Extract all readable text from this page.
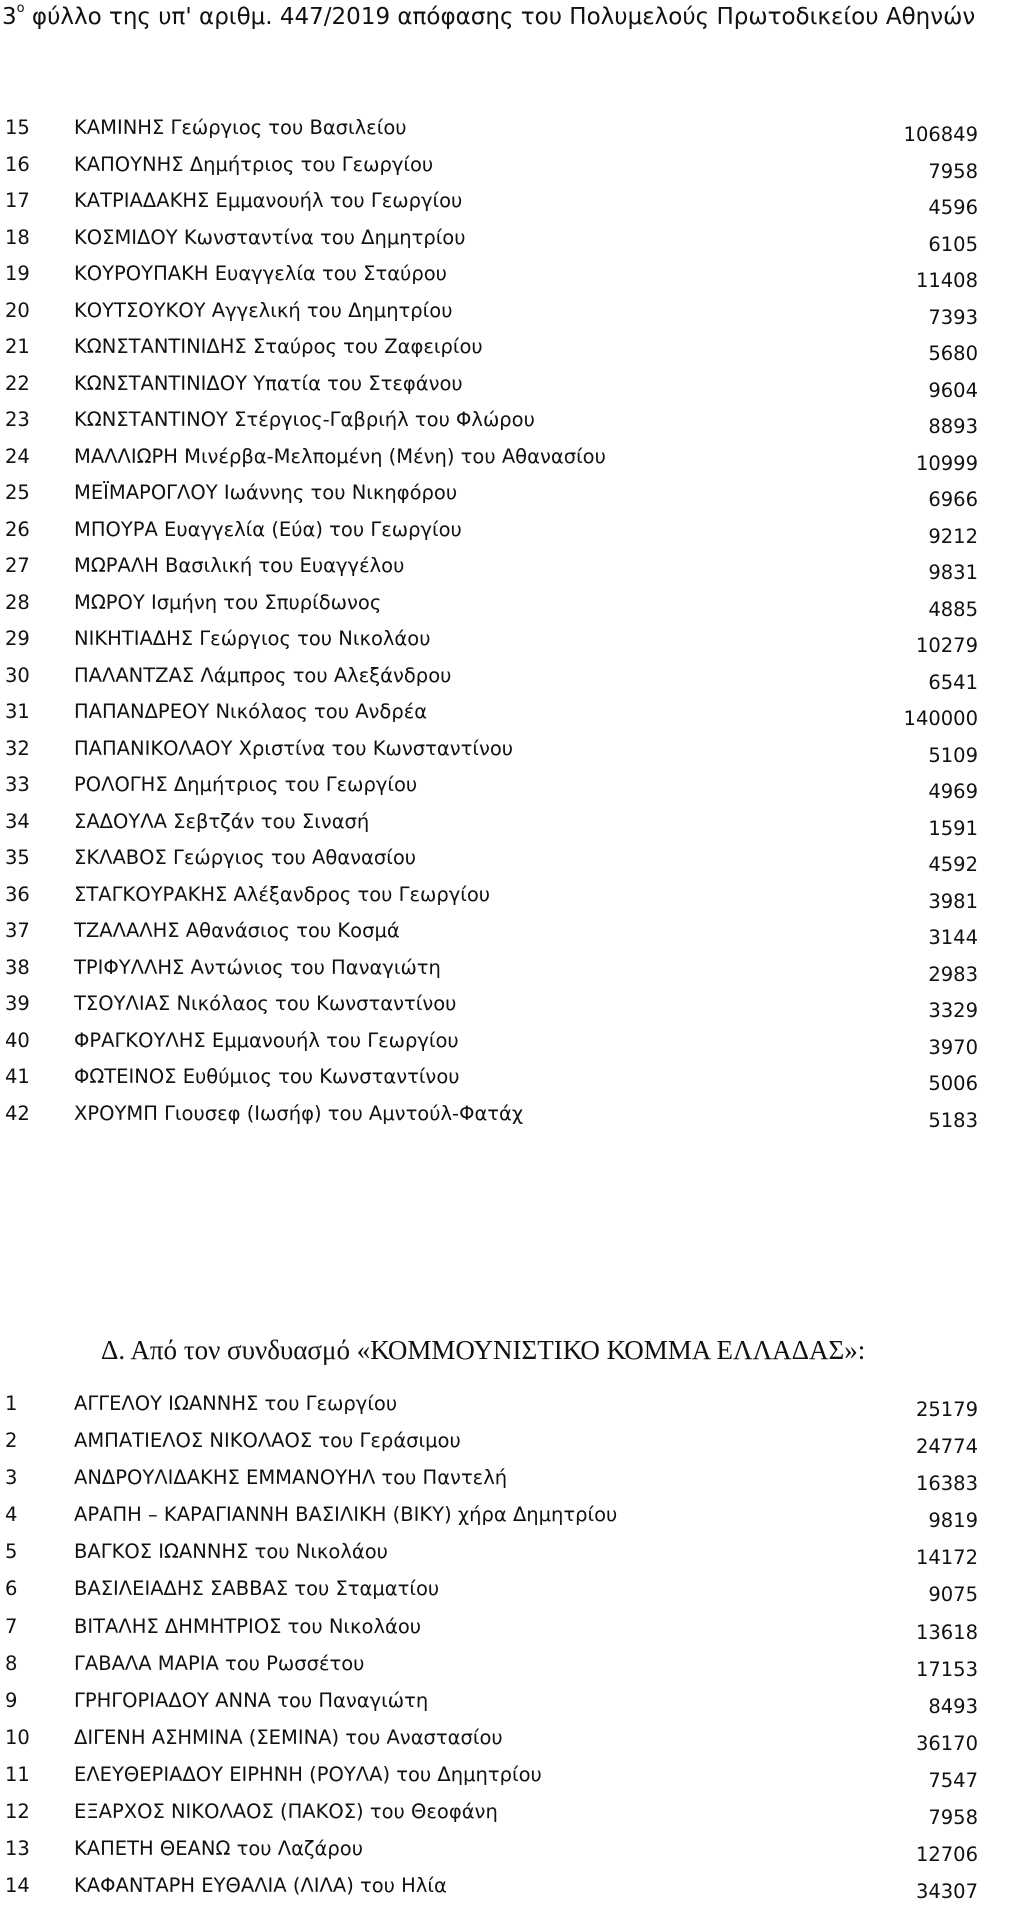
$3^o$ φύλλο της υπ' αριθμ. 447/2019 απόφασης του Πολυμελούς Πρωτοδικείου Αθηνών
15	ΚΑΜΙΝΗΣ Γεώργιος του Βασιλείου	106849
16	ΚΑΠΟΥΝΗΣ Δημήτριος του Γεωργίου	7958
17	ΚΑΤΡΙΑΔΑΚΗΣ Εμμανουήλ του Γεωργίου	4596
18	ΚΟΣΜΙΔΟΥ Κωνσταντίνα του Δημητρίου	6105
19	ΚΟΥΡΟΥΠΑΚΗ Ευαγγελία του Σταύρου	11408
20	ΚΟΥΤΣΟΥΚΟΥ Αγγελική του Δημητρίου	7393
21	ΚΩΝΣΤΑΝΤΙΝΙΔΗΣ Σταύρος του Ζαφειρίου	5680
22	ΚΩΝΣΤΑΝΤΙΝΙΔΟΥ Υπατία του Στεφάνου	9604
23	ΚΩΝΣΤΑΝΤΙΝΟΥ Στέργιος-Γαβριήλ του Φλώρου	8893
24	ΜΑΛΛΙΩΡΗ Μινέρβα-Μελπομένη (Μένη) του Αθανασίου	10999
25	ΜΕΪΜΑΡΟΓΛΟΥ Ιωάννης του Νικηφόρου	6966
26	ΜΠΟΥΡΑ Ευαγγελία (Εύα) του Γεωργίου	9212
27	ΜΩΡΑΛΗ Βασιλική του Ευαγγέλου	9831
28	ΜΩΡΟΥ Ισμήνη του Σπυρίδωνος	4885
29	ΝΙΚΗΤΙΑΔΗΣ Γεώργιος του Νικολάου	10279
30	ΠΑΛΑΝΤΖΑΣ Λάμπρος του Αλεξάνδρου	6541
31	ΠΑΠΑΝΔΡΕΟΥ Νικόλαος του Ανδρέα	140000
32	ΠΑΠΑΝΙΚΟΛΑΟΥ Χριστίνα του Κωνσταντίνου	5109
33	ΡΟΛΟΓΗΣ Δημήτριος του Γεωργίου	4969
34	ΣΑΔΟΥΛΑ Σεβτζάν του Σινασή	1591
35	ΣΚΛΑΒΟΣ Γεώργιος του Αθανασίου	4592
36	ΣΤΑΓΚΟΥΡΑΚΗΣ Αλέξανδρος του Γεωργίου	3981
37	ΤΖΑΛΑΛΗΣ Αθανάσιος του Κοσμά	3144
38	ΤΡΙΦΥΛΛΗΣ Αντώνιος του Παναγιώτη	2983
39	ΤΣΟΥΛΙΑΣ Νικόλαος του Κωνσταντίνου	3329
40	ΦΡΑΓΚΟΥΛΗΣ Εμμανουήλ του Γεωργίου	3970
41	ΦΩΤΕΙΝΟΣ Ευθύμιος του Κωνσταντίνου	5006
42	ΧΡΟΥΜΠ Γιουσεφ (Ιωσήφ) του Αμντούλ-Φατάχ	5183
Δ. Από τον συνδυασμό «ΚΟΜΜΟΥΝΙΣΤΙΚΟ ΚΟΜΜΑ ΕΛΛΑΔΑΣ»:
1	ΑΓΓΕΛΟΥ ΙΩΑΝΝΗΣ του Γεωργίου	25179
2	ΑΜΠΑΤΙΕΛΟΣ ΝΙΚΟΛΑΟΣ του Γεράσιμου	24774
3	ΑΝΔΡΟΥΛΙΔΑΚΗΣ ΕΜΜΑΝΟΥΗΛ του Παντελή	16383
4	ΑΡΑΠΗ – ΚΑΡΑΓΙΑΝΝΗ ΒΑΣΙΛΙΚΗ (ΒΙΚΥ) χήρα Δημητρίου	9819
5	ΒΑΓΚΟΣ ΙΩΑΝΝΗΣ του Νικολάου	14172
6	ΒΑΣΙΛΕΙΑΔΗΣ ΣΑΒΒΑΣ του Σταματίου	9075
7	ΒΙΤΑΛΗΣ ΔΗΜΗΤΡΙΟΣ του Νικολάου	13618
8	ΓΑΒΑΛΑ ΜΑΡΙΑ του Ρωσσέτου	17153
9	ΓΡΗΓΟΡΙΑΔΟΥ ΑΝΝΑ του Παναγιώτη	8493
10	ΔΙΓΕΝΗ ΑΣΗΜΙΝΑ (ΣΕΜΙΝΑ) του Αναστασίου	36170
11	ΕΛΕΥΘΕΡΙΑΔΟΥ ΕΙΡΗΝΗ (ΡΟΥΛΑ) του Δημητρίου	7547
12	ΕΞΑΡΧΟΣ ΝΙΚΟΛΑΟΣ (ΠΑΚΟΣ) του Θεοφάνη	7958
13	ΚΑΠΕΤΗ ΘΕΑΝΩ του Λαζάρου	12706
14	ΚΑΦΑΝΤΑΡΗ ΕΥΘΑΛΙΑ (ΛΙΛΑ) του Ηλία	34307
